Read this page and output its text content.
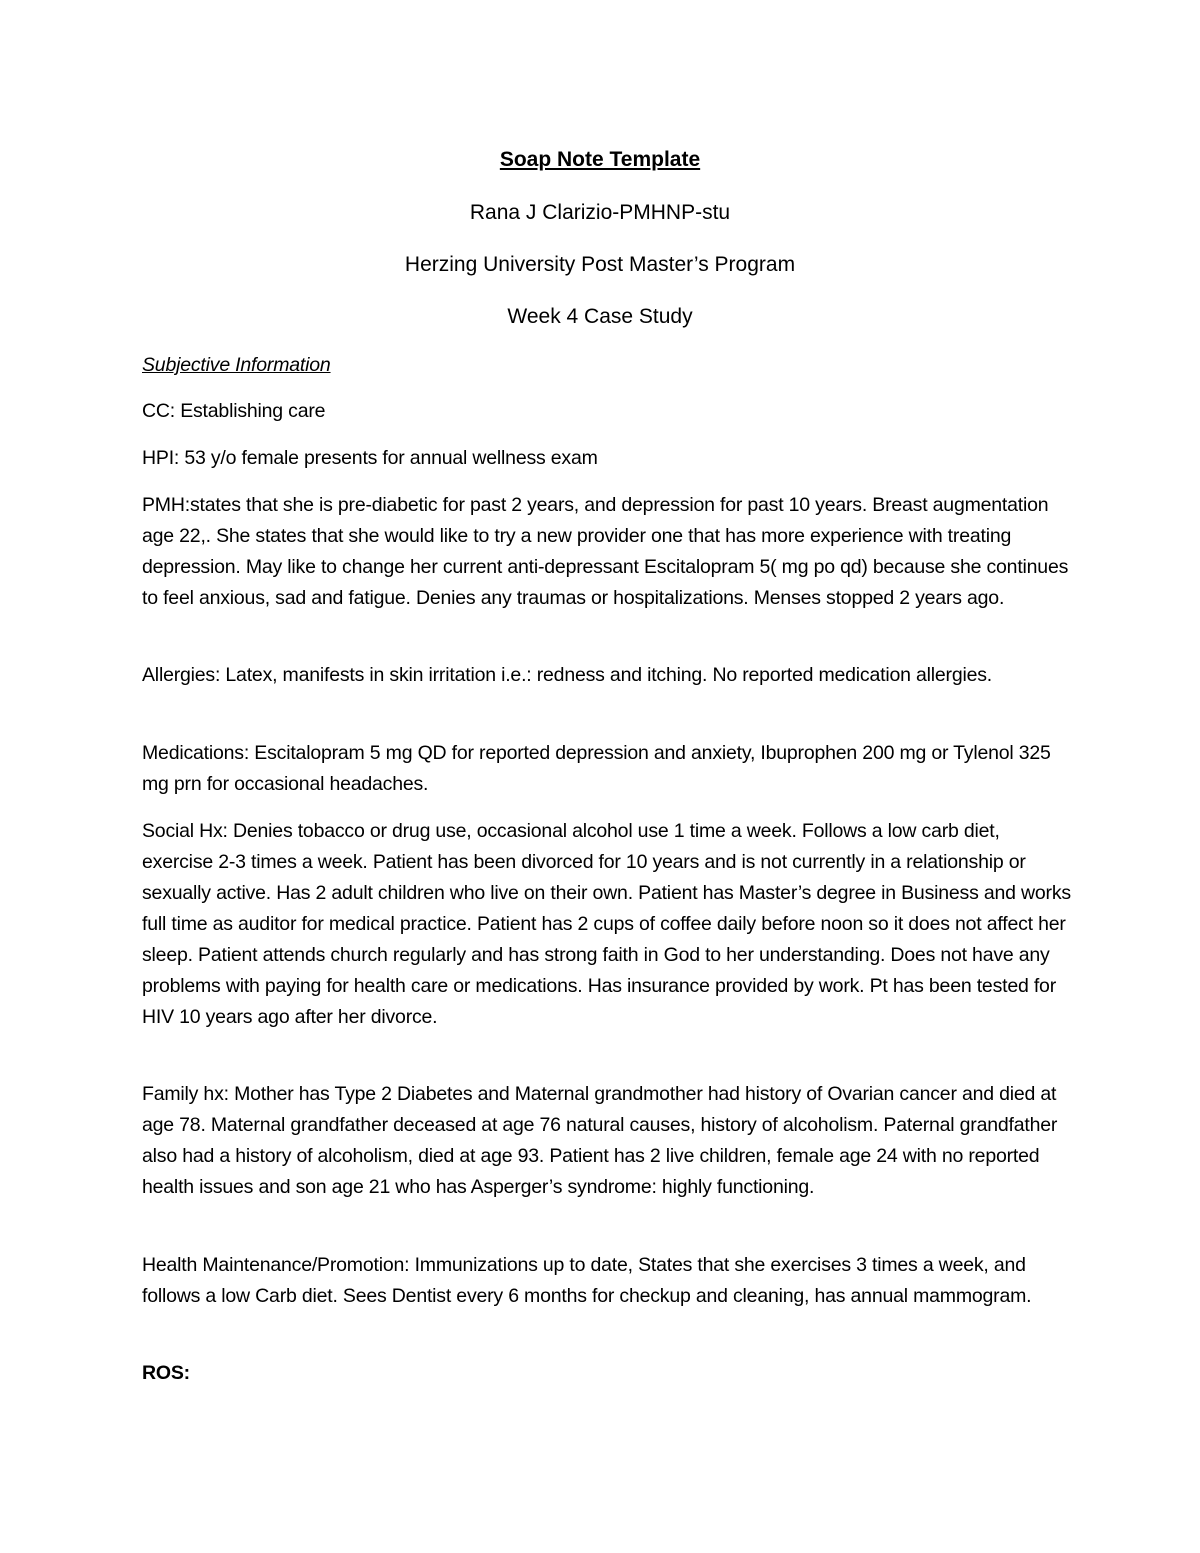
Soap Note Template
Rana J Clarizio-PMHNP-stu
Herzing University Post Master’s Program
Week 4 Case Study
Subjective Information

CC: Establishing care

HPI: 53 y/o female presents for annual wellness exam

PMH:states that she is pre-diabetic for past 2 years, and depression for past 10 years. Breast augmentation age 22,. She states that she would like to try a new provider one that has more experience with treating depression. May like to change her current anti-depressant Escitalopram 5( mg po qd) because she continues to feel anxious, sad and fatigue. Denies any traumas or hospitalizations. Menses stopped 2 years ago.

Allergies: Latex, manifests in skin irritation i.e.: redness and itching. No reported medication allergies.

Medications: Escitalopram 5 mg QD for reported depression and anxiety, Ibuprophen 200 mg or Tylenol 325 mg prn for occasional headaches.

Social Hx: Denies tobacco or drug use, occasional alcohol use 1 time a week. Follows a low carb diet, exercise 2-3 times a week. Patient has been divorced for 10 years and is not currently in a relationship or sexually active. Has 2 adult children who live on their own. Patient has Master’s degree in Business and works full time as auditor for medical practice. Patient has 2 cups of coffee daily before noon so it does not affect her sleep. Patient attends church regularly and has strong faith in God to her understanding. Does not have any problems with paying for health care or medications. Has insurance provided by work. Pt has been tested for HIV 10 years ago after her divorce.

Family hx: Mother has Type 2 Diabetes and Maternal grandmother had history of Ovarian cancer and died at age 78. Maternal grandfather deceased at age 76 natural causes, history of alcoholism. Paternal grandfather also had a history of alcoholism, died at age 93. Patient has 2 live children, female age 24 with no reported health issues and son age 21 who has Asperger’s syndrome: highly functioning.

Health Maintenance/Promotion: Immunizations up to date, States that she exercises 3 times a week, and follows a low Carb diet. Sees Dentist every 6 months for checkup and cleaning, has annual mammogram.

ROS:
